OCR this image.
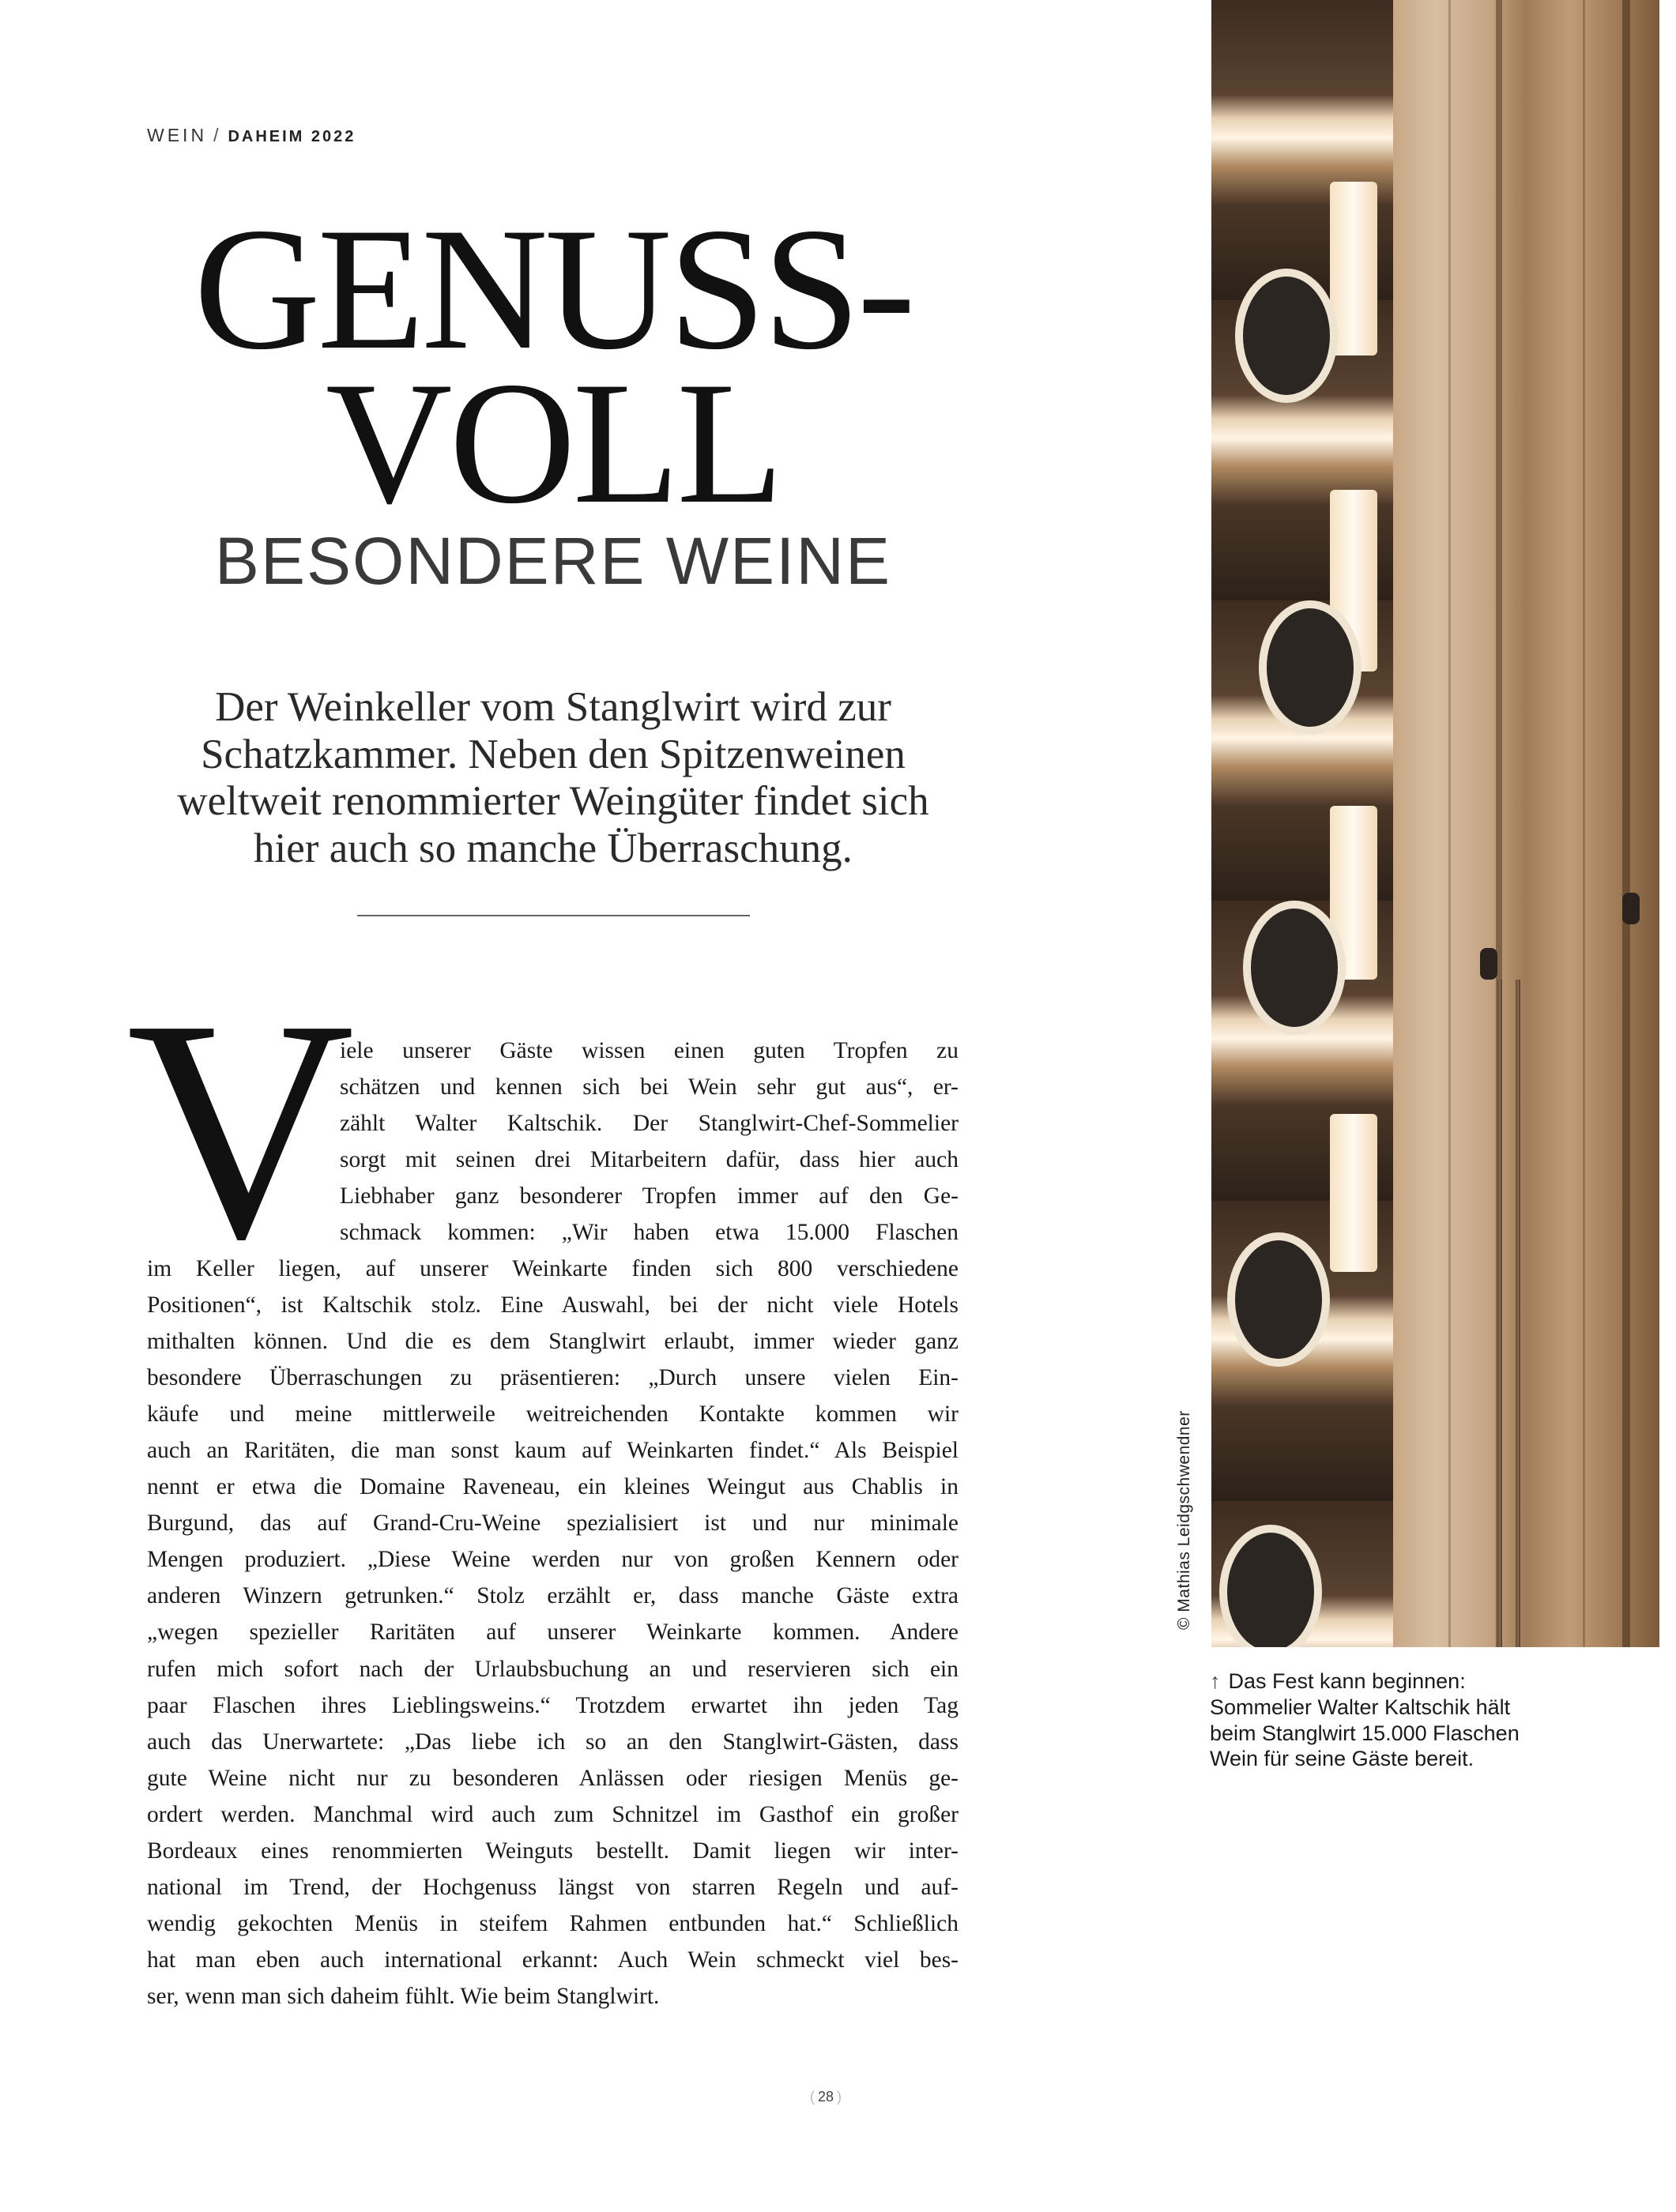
WEIN / DAHEIM 2022
GENUSS-
VOLL
BESONDERE WEINE
Der Weinkeller vom Stanglwirt wird zur
Schatzkammer. Neben den Spitzenweinen
weltweit renommierter Weingüter findet sich
hier auch so manche Überraschung.
V
iele unserer Gäste wissen einen guten Tropfen zu
schätzen und kennen sich bei Wein sehr gut aus“, er-
zählt Walter Kaltschik. Der Stanglwirt-Chef-Sommelier
sorgt mit seinen drei Mitarbeitern dafür, dass hier auch
Liebhaber ganz besonderer Tropfen immer auf den Ge-
schmack kommen: „Wir haben etwa 15.000 Flaschen
im Keller liegen, auf unserer Weinkarte finden sich 800 verschiedene
Positionen“, ist Kaltschik stolz. Eine Auswahl, bei der nicht viele Hotels
mithalten können. Und die es dem Stanglwirt erlaubt, immer wieder ganz
besondere Überraschungen zu präsentieren: „Durch unsere vielen Ein-
käufe und meine mittlerweile weitreichenden Kontakte kommen wir
auch an Raritäten, die man sonst kaum auf Weinkarten findet.“ Als Beispiel
nennt er etwa die Domaine Raveneau, ein kleines Weingut aus Chablis in
Burgund, das auf Grand-Cru-Weine spezialisiert ist und nur minimale
Mengen produziert. „Diese Weine werden nur von großen Kennern oder
anderen Winzern getrunken.“ Stolz erzählt er, dass manche Gäste extra
„wegen spezieller Raritäten auf unserer Weinkarte kommen. Andere
rufen mich sofort nach der Urlaubsbuchung an und reservieren sich ein
paar Flaschen ihres Lieblingsweins.“ Trotzdem erwartet ihn jeden Tag
auch das Unerwartete: „Das liebe ich so an den Stanglwirt-Gästen, dass
gute Weine nicht nur zu besonderen Anlässen oder riesigen Menüs ge-
ordert werden. Manchmal wird auch zum Schnitzel im Gasthof ein großer
Bordeaux eines renommierten Weinguts bestellt. Damit liegen wir inter-
national im Trend, der Hochgenuss längst von starren Regeln und auf-
wendig gekochten Menüs in steifem Rahmen entbunden hat.“ Schließlich
hat man eben auch international erkannt: Auch Wein schmeckt viel bes-
ser, wenn man sich daheim fühlt. Wie beim Stanglwirt.
© Mathias Leidgschwendner
↑ Das Fest kann beginnen:
Sommelier Walter Kaltschik hält
beim Stanglwirt 15.000 Flaschen
Wein für seine Gäste bereit.
( 28 )
